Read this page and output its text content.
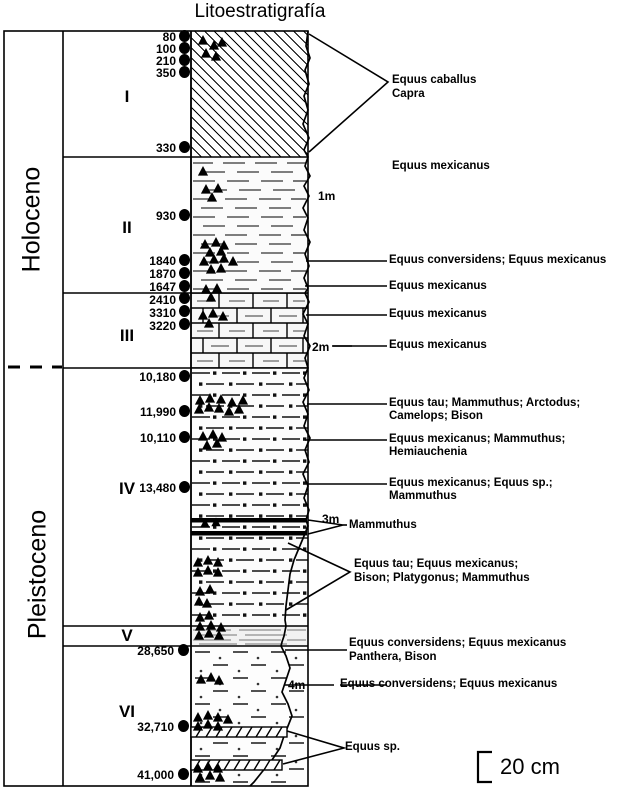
Litoestratigrafía
Holoceno
Pleistoceno
I
II
III
IV
V
VI
80
100
210
350
330
930
1840
1870
1647
2410
3310
3220
10,180
11,990
10,110
13,480
28,650
32,710
41,000
1m
2m
3m
4m
Equus caballus
Capra
Equus mexicanus
Equus conversidens; Equus mexicanus
Equus mexicanus
Equus mexicanus
Equus mexicanus
Equus tau; Mammuthus; Arctodus;
Camelops; Bison
Equus mexicanus; Mammuthus;
Hemiauchenia
Equus mexicanus; Equus sp.;
Mammuthus
Mammuthus
Equus tau; Equus mexicanus;
Bison; Platygonus; Mammuthus
Equus conversidens; Equus mexicanus
Panthera, Bison
Equus conversidens; Equus mexicanus
Equus sp.
20 cm
